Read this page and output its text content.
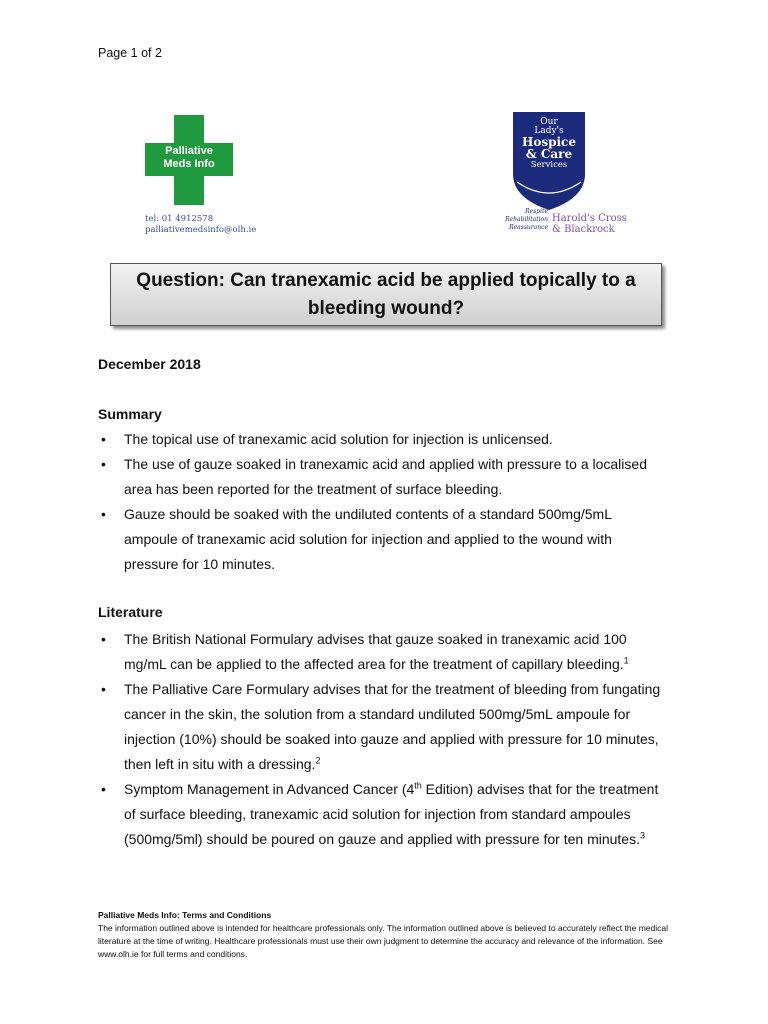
Page 1 of 2
Palliative
Meds Info
tel: 01 4912578
palliativemedsinfo@olh.ie
Our
Lady's
Hospice
& Care
Services
Respite
Rehabilitation
Reassurance
Harold's Cross
& Blackrock
Question: Can tranexamic acid be applied topically to a bleeding wound?
December 2018
Summary
• The topical use of tranexamic acid solution for injection is unlicensed.
• The use of gauze soaked in tranexamic acid and applied with pressure to a localised area has been reported for the treatment of surface bleeding.
• Gauze should be soaked with the undiluted contents of a standard 500mg/5mL ampoule of tranexamic acid solution for injection and applied to the wound with pressure for 10 minutes.
Literature
• The British National Formulary advises that gauze soaked in tranexamic acid 100 mg/mL can be applied to the affected area for the treatment of capillary bleeding.$^1$
• The Palliative Care Formulary advises that for the treatment of bleeding from fungating cancer in the skin, the solution from a standard undiluted 500mg/5mL ampoule for injection (10%) should be soaked into gauze and applied with pressure for 10 minutes, then left in situ with a dressing.$^2$
• Symptom Management in Advanced Cancer (4th Edition) advises that for the treatment of surface bleeding, tranexamic acid solution for injection from standard ampoules (500mg/5ml) should be poured on gauze and applied with pressure for ten minutes.$^3$
Palliative Meds Info: Terms and Conditions
The information outlined above is intended for healthcare professionals only. The information outlined above is believed to accurately reflect the medical literature at the time of writing. Healthcare professionals must use their own judgment to determine the accuracy and relevance of the information. See www.olh.ie for full terms and conditions.
